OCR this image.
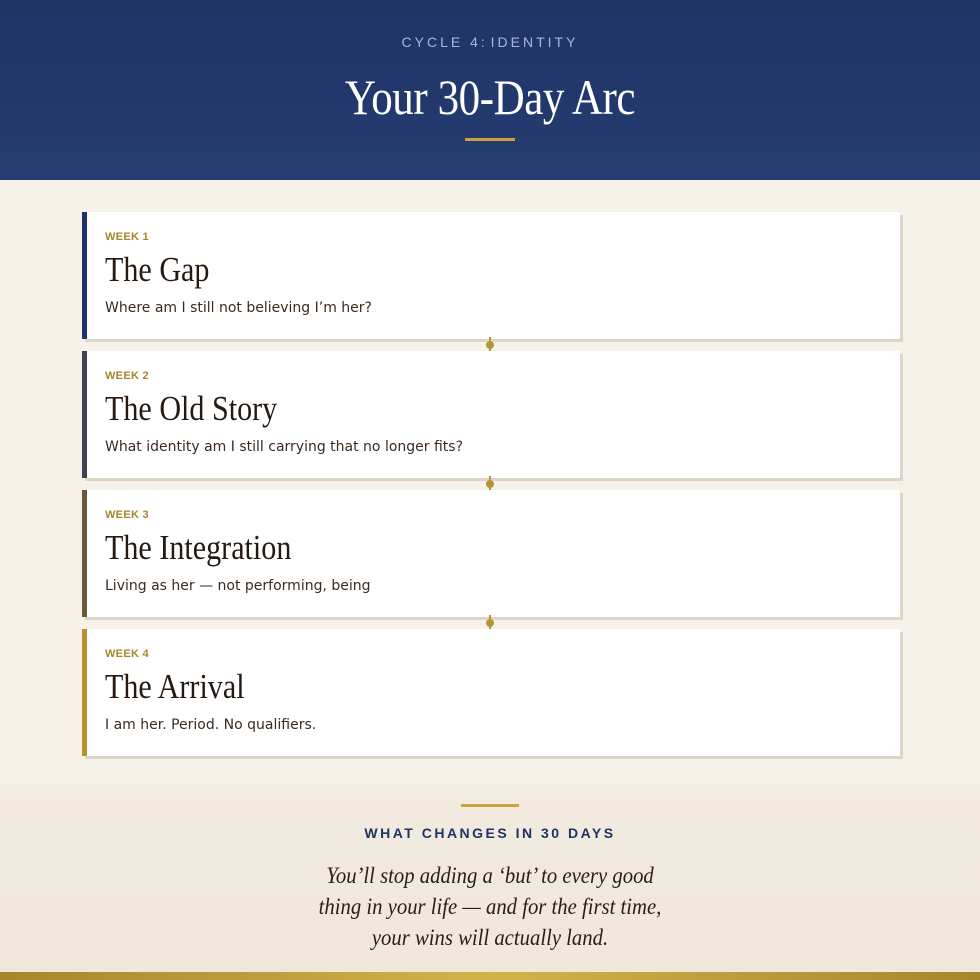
CYCLE 4: IDENTITY
Your 30-Day Arc
WEEK 1
The Gap
Where am I still not believing I’m her?
WEEK 2
The Old Story
What identity am I still carrying that no longer fits?
WEEK 3
The Integration
Living as her — not performing, being
WEEK 4
The Arrival
I am her. Period. No qualifiers.
WHAT CHANGES IN 30 DAYS
You’ll stop adding a ‘but’ to every good thing in your life — and for the first time, your wins will actually land.
